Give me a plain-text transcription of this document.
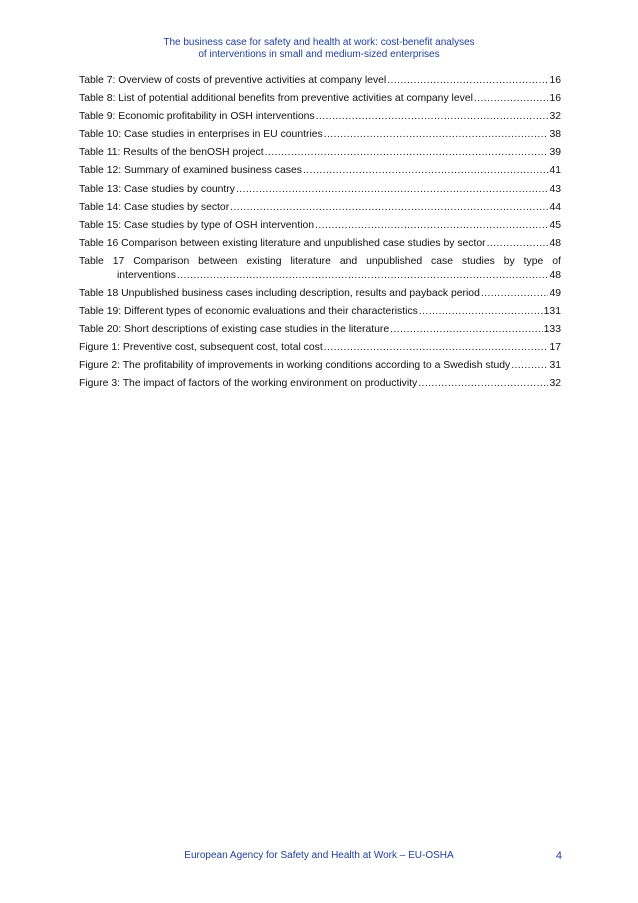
The business case for safety and health at work: cost-benefit analyses
of interventions in small and medium-sized enterprises
Table 7: Overview of costs of preventive activities at company level .....	16
Table 8: List of potential additional benefits from preventive activities at company level .....	16
Table 9: Economic profitability in OSH interventions .....	32
Table 10: Case studies in enterprises in EU countries .....	38
Table 11: Results of the benOSH project .....	39
Table 12: Summary of examined business cases .....	41
Table 13: Case studies by country .....	43
Table 14: Case studies by sector .....	44
Table 15: Case studies by type of OSH intervention .....	45
Table 16 Comparison between existing literature and unpublished case studies by sector .....	48
Table 17 Comparison between existing literature and unpublished case studies by type of
interventions .....	48
Table 18 Unpublished business cases including description, results and payback period .....	49
Table 19: Different types of economic evaluations and their characteristics .....	131
Table 20: Short descriptions of existing case studies in the literature .....	133
Figure 1: Preventive cost, subsequent cost, total cost .....	17
Figure 2: The profitability of improvements in working conditions according to a Swedish study .....	31
Figure 3: The impact of factors of the working environment on productivity .....	32
European Agency for Safety and Health at Work – EU-OSHA	4
